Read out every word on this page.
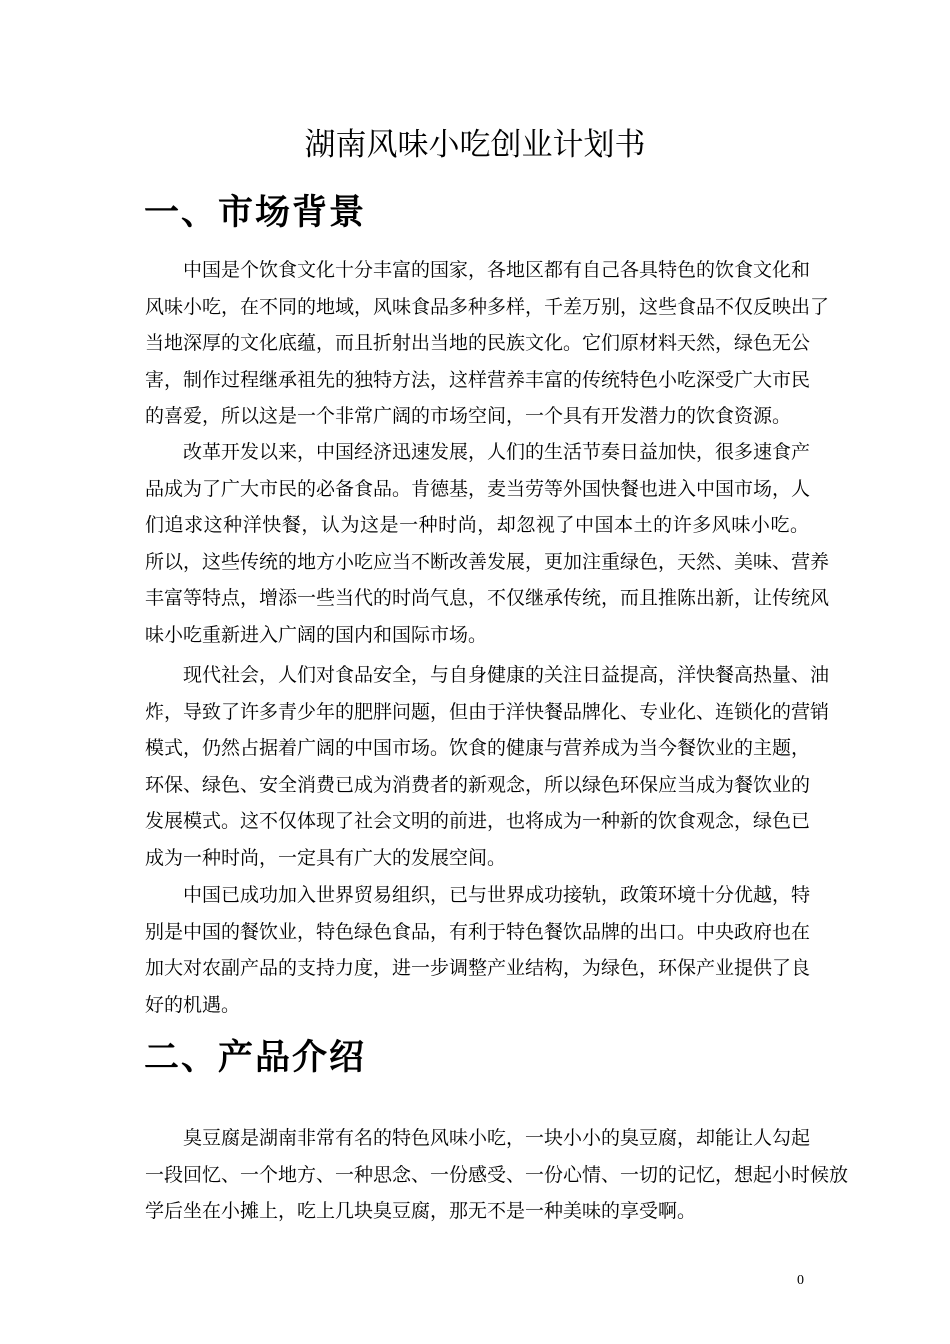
湖南风味小吃创业计划书
一、市场背景
中国是个饮食文化十分丰富的国家，各地区都有自己各具特色的饮食文化和
风味小吃，在不同的地域，风味食品多种多样，千差万别，这些食品不仅反映出了
当地深厚的文化底蕴，而且折射出当地的民族文化。它们原材料天然，绿色无公
害，制作过程继承祖先的独特方法，这样营养丰富的传统特色小吃深受广大市民
的喜爱，所以这是一个非常广阔的市场空间，一个具有开发潜力的饮食资源。
改革开发以来，中国经济迅速发展，人们的生活节奏日益加快，很多速食产
品成为了广大市民的必备食品。肯德基，麦当劳等外国快餐也进入中国市场，人
们追求这种洋快餐，认为这是一种时尚，却忽视了中国本土的许多风味小吃。
所以，这些传统的地方小吃应当不断改善发展，更加注重绿色，天然、美味、营养
丰富等特点，增添一些当代的时尚气息，不仅继承传统，而且推陈出新，让传统风
味小吃重新进入广阔的国内和国际市场。
现代社会，人们对食品安全，与自身健康的关注日益提高，洋快餐高热量、油
炸，导致了许多青少年的肥胖问题，但由于洋快餐品牌化、专业化、连锁化的营销
模式，仍然占据着广阔的中国市场。饮食的健康与营养成为当今餐饮业的主题，
环保、绿色、安全消费已成为消费者的新观念，所以绿色环保应当成为餐饮业的
发展模式。这不仅体现了社会文明的前进，也将成为一种新的饮食观念，绿色已
成为一种时尚，一定具有广大的发展空间。
中国已成功加入世界贸易组织，已与世界成功接轨，政策环境十分优越，特
别是中国的餐饮业，特色绿色食品，有利于特色餐饮品牌的出口。中央政府也在
加大对农副产品的支持力度，进一步调整产业结构，为绿色，环保产业提供了良
好的机遇。
二、产品介绍
臭豆腐是湖南非常有名的特色风味小吃，一块小小的臭豆腐，却能让人勾起
一段回忆、一个地方、一种思念、一份感受、一份心情、一切的记忆，想起小时候放
学后坐在小摊上，吃上几块臭豆腐，那无不是一种美味的享受啊。
0
